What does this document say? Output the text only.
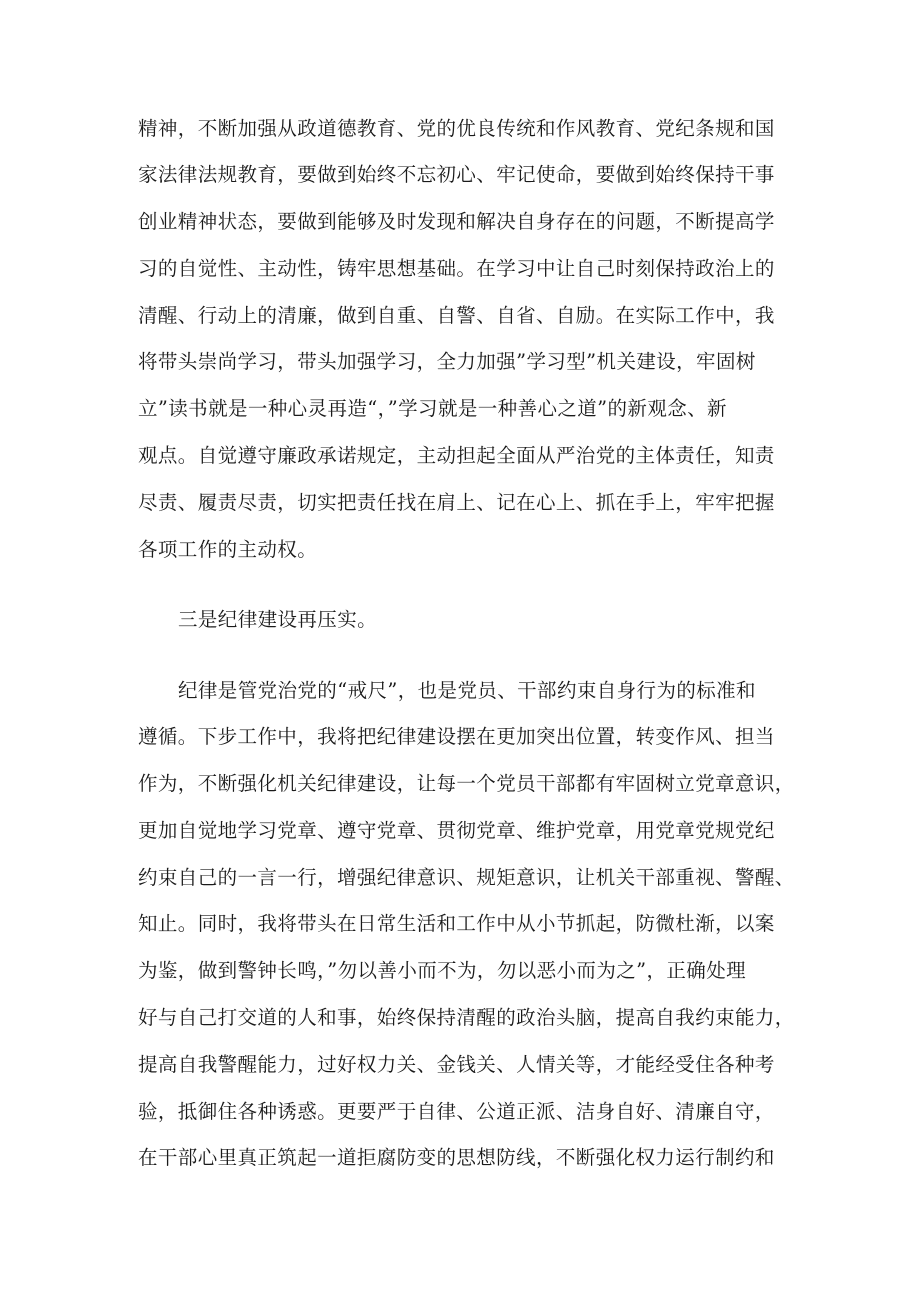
精神，不断加强从政道德教育、党的优良传统和作风教育、党纪条规和国
家法律法规教育，要做到始终不忘初心、牢记使命，要做到始终保持干事
创业精神状态，要做到能够及时发现和解决自身存在的问题，不断提高学
习的自觉性、主动性，铸牢思想基础。在学习中让自己时刻保持政治上的
清醒、行动上的清廉，做到自重、自警、自省、自励。在实际工作中，我
将带头崇尚学习，带头加强学习，全力加强”学习型”机关建设，牢固树
立”读书就是一种心灵再造“，”学习就是一种善心之道”的新观念、新
观点。自觉遵守廉政承诺规定，主动担起全面从严治党的主体责任，知责
尽责、履责尽责，切实把责任找在肩上、记在心上、抓在手上，牢牢把握
各项工作的主动权。
三是纪律建设再压实。
纪律是管党治党的“戒尺”，也是党员、干部约束自身行为的标准和
遵循。下步工作中，我将把纪律建设摆在更加突出位置，转变作风、担当
作为，不断强化机关纪律建设，让每一个党员干部都有牢固树立党章意识，
更加自觉地学习党章、遵守党章、贯彻党章、维护党章，用党章党规党纪
约束自己的一言一行，增强纪律意识、规矩意识，让机关干部重视、警醒、
知止。同时，我将带头在日常生活和工作中从小节抓起，防微杜渐，以案
为鉴，做到警钟长鸣，”勿以善小而不为，勿以恶小而为之”，正确处理
好与自己打交道的人和事，始终保持清醒的政治头脑，提高自我约束能力，
提高自我警醒能力，过好权力关、金钱关、人情关等，才能经受住各种考
验，抵御住各种诱惑。更要严于自律、公道正派、洁身自好、清廉自守，
在干部心里真正筑起一道拒腐防变的思想防线，不断强化权力运行制约和
